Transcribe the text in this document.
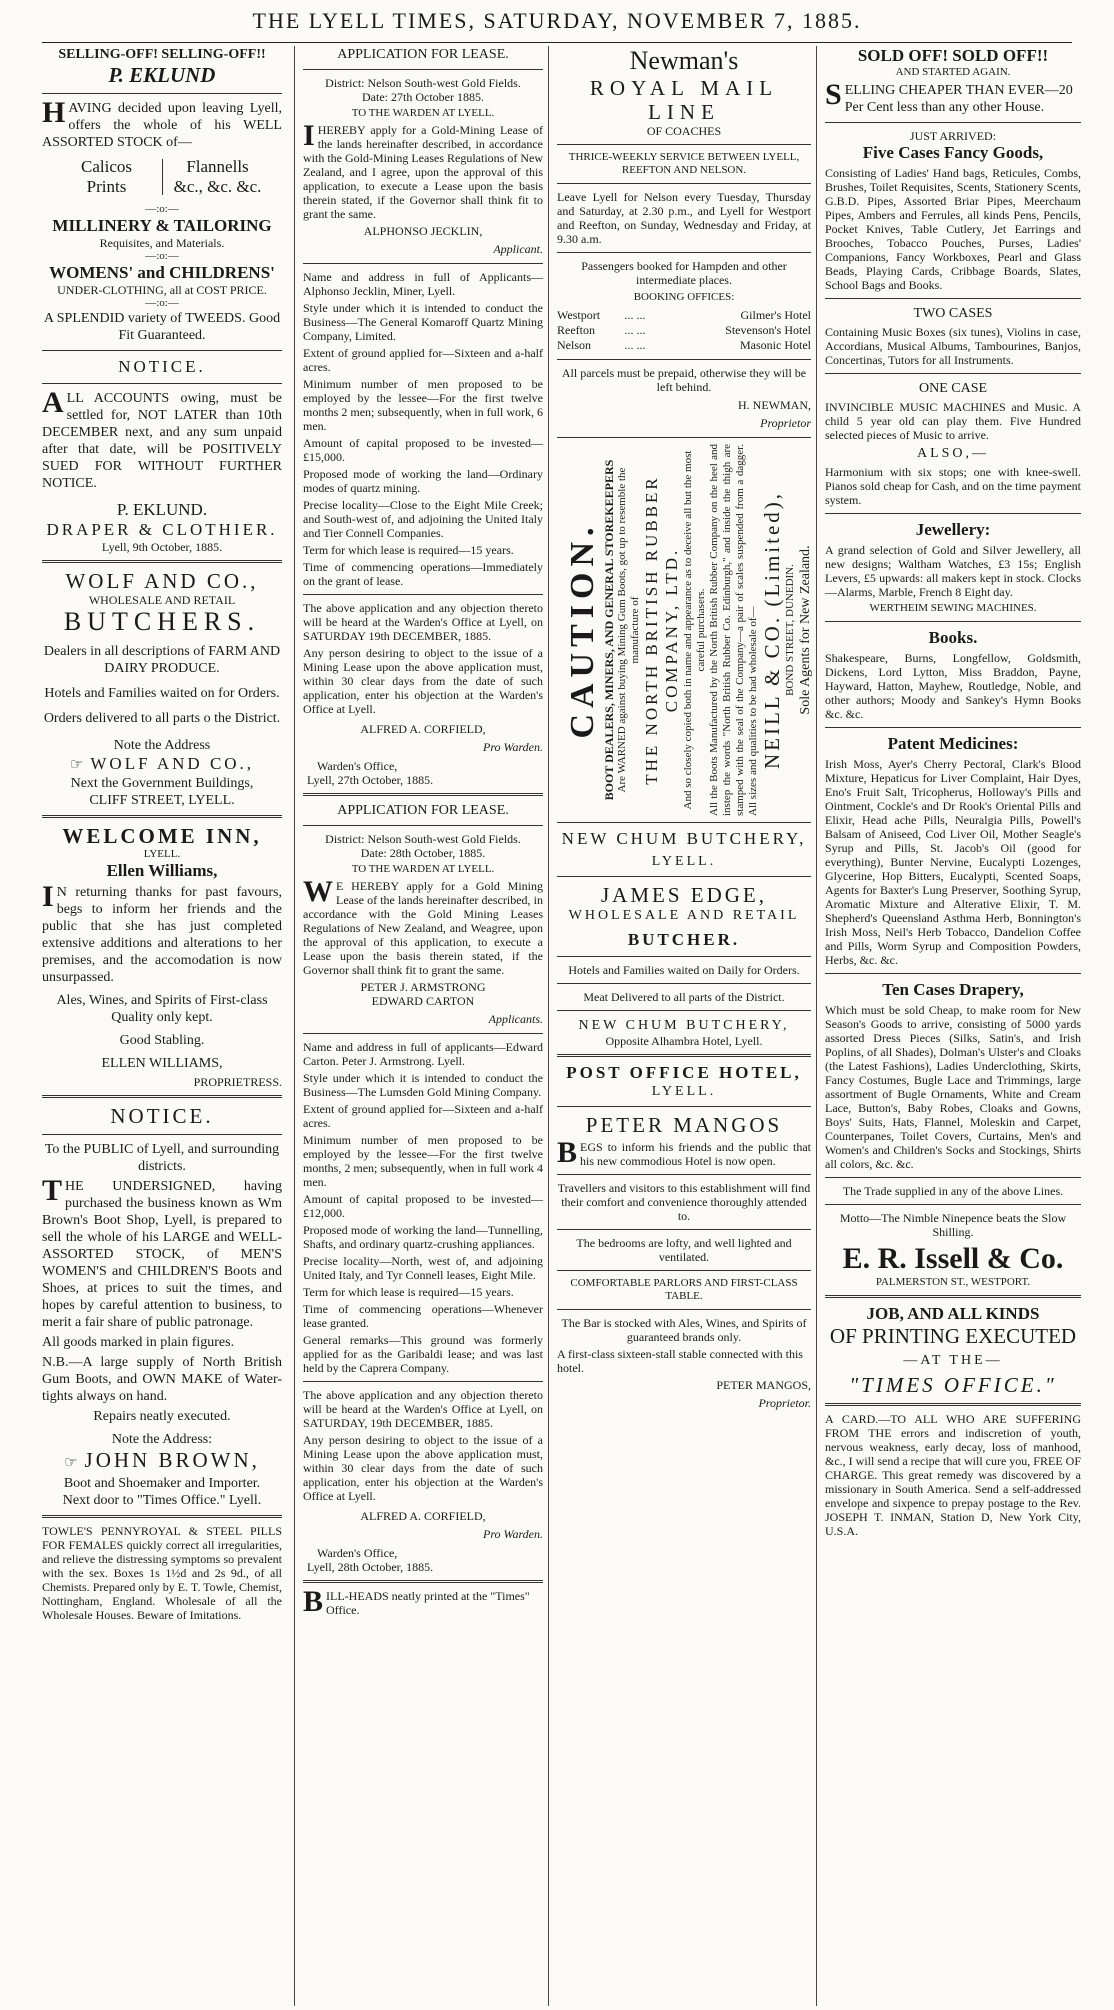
THE LYELL TIMES, SATURDAY, NOVEMBER 7, 1885.
SELLING-OFF! SELLING-OFF!!
P. EKLUND

HAVING decided upon leaving Lyell, offers the whole of his WELL ASSORTED STOCK of—

Calicos Prints
Flannells &c., &c. &c.
—:o:—
MILLINERY & TAILORING
Requisites, and Materials.
—:o:—
WOMENS' and CHILDRENS'
UNDER-CLOTHING, all at COST PRICE.
—:o:—
A SPLENDID variety of TWEEDS. Good Fit Guaranteed.
NOTICE.

ALL ACCOUNTS owing, must be settled for, NOT LATER than 10th DECEMBER next, and any sum unpaid after that date, will be POSITIVELY SUED FOR WITHOUT FURTHER NOTICE.

P. EKLUND.
DRAPER & CLOTHIER.
Lyell, 9th October, 1885.
WOLF AND CO.,
WHOLESALE AND RETAIL
BUTCHERS.
Dealers in all descriptions of FARM AND DAIRY PRODUCE.
Hotels and Families waited on for Orders.
Orders delivered to all parts o the District.
Note the Address
☞ WOLF AND CO.,
Next the Government Buildings,
CLIFF STREET, LYELL.
WELCOME INN,
LYELL.
Ellen Williams,

I N returning thanks for past favours, begs to inform her friends and the public that she has just completed extensive additions and alterations to her premises, and the accomodation is now unsurpassed.

Ales, Wines, and Spirits of First-class Quality only kept.
Good Stabling.
ELLEN WILLIAMS,
PROPRIETRESS.
NOTICE.
To the PUBLIC of Lyell, and surrounding districts.

THE UNDERSIGNED, having purchased the business known as Wm Brown's Boot Shop, Lyell, is prepared to sell the whole of his LARGE and WELL-ASSORTED STOCK, of MEN'S WOMEN'S and CHILDREN'S Boots and Shoes, at prices to suit the times, and hopes by careful attention to business, to merit a fair share of public patronage.

All goods marked in plain figures.

N.B.—A large supply of North British Gum Boots, and OWN MAKE of Water-tights always on hand.

Repairs neatly executed.

Note the Address:
☞ JOHN BROWN,
Boot and Shoemaker and Importer.
Next door to "Times Office." Lyell.

TOWLE'S PENNYROYAL & STEEL PILLS FOR FEMALES quickly correct all irregularities, and relieve the distressing symptoms so prevalent with the sex. Boxes 1s 1½d and 2s 9d., of all Chemists. Prepared only by E. T. Towle, Chemist, Nottingham, England. Wholesale of all the Wholesale Houses. Beware of Imitations.

APPLICATION FOR LEASE.
District: Nelson South-west Gold Fields.
Date: 27th October 1885.
TO THE WARDEN AT LYELL.

IHEREBY apply for a Gold-Mining Lease of the lands hereinafter described, in accordance with the Gold-Mining Leases Regulations of New Zealand, and I agree, upon the approval of this application, to execute a Lease upon the basis therein stated, if the Governor shall think fit to grant the same.

ALPHONSO JECKLIN,
Applicant.

Name and address in full of Applicants—Alphonso Jecklin, Miner, Lyell.

Style under which it is intended to conduct the Business—The General Komaroff Quartz Mining Company, Limited.

Extent of ground applied for—Sixteen and a-half acres.

Minimum number of men proposed to be employed by the lessee—For the first twelve months 2 men; subsequently, when in full work, 6 men.

Amount of capital proposed to be invested—£15,000.

Proposed mode of working the land—Ordinary modes of quartz mining.

Precise locality—Close to the Eight Mile Creek; and South-west of, and adjoining the United Italy and Tier Connell Companies.

Term for which lease is required—15 years.

Time of commencing operations—Immediately on the grant of lease.

The above application and any objection thereto will be heard at the Warden's Office at Lyell, on SATURDAY 19th DECEMBER, 1885.

Any person desiring to object to the issue of a Mining Lease upon the above application must, within 30 clear days from the date of such application, enter his objection at the Warden's Office at Lyell.

ALFRED A. CORFIELD,
Pro Warden.
Warden's Office,
Lyell, 27th October, 1885.
APPLICATION FOR LEASE.
District: Nelson South-west Gold Fields.
Date: 28th October, 1885.
TO THE WARDEN AT LYELL.

W E HEREBY apply for a Gold Mining Lease of the lands hereinafter described, in accordance with the Gold Mining Leases Regulations of New Zealand, and Weagree, upon the approval of this application, to execute a Lease upon the basis therein stated, if the Governor shall think fit to grant the same.

PETER J. ARMSTRONG
EDWARD CARTON
Applicants.

Name and address in full of applicants—Edward Carton. Peter J. Armstrong. Lyell.

Style under which it is intended to conduct the Business—The Lumsden Gold Mining Company.

Extent of ground applied for—Sixteen and a-half acres.

Minimum number of men proposed to be employed by the lessee—For the first twelve months, 2 men; subsequently, when in full work 4 men.

Amount of capital proposed to be invested—£12,000.

Proposed mode of working the land—Tunnelling, Shafts, and ordinary quartz-crushing appliances.

Precise locality—North, west of, and adjoining United Italy, and Tyr Connell leases, Eight Mile.

Term for which lease is required—15 years.

Time of commencing operations—Whenever lease granted.

General remarks—This ground was formerly applied for as the Garibaldi lease; and was last held by the Caprera Company.

The above application and any objection thereto will be heard at the Warden's Office at Lyell, on SATURDAY, 19th DECEMBER, 1885.

Any person desiring to object to the issue of a Mining Lease upon the above application must, within 30 clear days from the date of such application, enter his objection at the Warden's Office at Lyell.

ALFRED A. CORFIELD,
Pro Warden.
Warden's Office,
Lyell, 28th October, 1885.

BILL-HEADS neatly printed at the "Times" Office.

Newman's
ROYAL MAIL LINE
OF COACHES
THRICE-WEEKLY SERVICE BETWEEN LYELL, REEFTON AND NELSON.

Leave Lyell for Nelson every Tuesday, Thursday and Saturday, at 2.30 p.m., and Lyell for Westport and Reefton, on Sunday, Wednesday and Friday, at 9.30 a.m.

Passengers booked for Hampden and other intermediate places.

BOOKING OFFICES:
Westport	... ...	Gilmer's Hotel
Reefton	... ...	Stevenson's Hotel
Nelson	... ...	Masonic Hotel

All parcels must be prepaid, otherwise they will be left behind.

H. NEWMAN,
Proprietor
CAUTION. BOOT DEALERS, MINERS, AND GENERAL STOREKEEPERS Are WARNED against buying Mining Gum Boots, got up to resemble the manufacture of THE NORTH BRITISH RUBBER COMPANY, LTD. And so closely copied both in name and appearance as to deceive all but the most careful purchasers. All the Boots Manufactured by the North British Rubber Company on the heel and instep the words "North British Rubber Co. Edinburgh," and inside the thigh are stamped with the seal of the Company—a pair of scales suspended from a dagger. All sizes and qualities to be had wholesale of— NEILL & CO. (Limited), BOND STREET, DUNEDIN. Sole Agents for New Zealand.
NEW CHUM BUTCHERY,
LYELL.
JAMES EDGE,
WHOLESALE AND RETAIL
BUTCHER.

Hotels and Families waited on Daily for Orders.

Meat Delivered to all parts of the District.

NEW CHUM BUTCHERY,
Opposite Alhambra Hotel, Lyell.
POST OFFICE HOTEL,
LYELL.
PETER MANGOS

BEGS to inform his friends and the public that his new commodious Hotel is now open.

Travellers and visitors to this establishment will find their comfort and convenience thoroughly attended to.

The bedrooms are lofty, and well lighted and ventilated.

COMFORTABLE PARLORS AND FIRST-CLASS TABLE.

The Bar is stocked with Ales, Wines, and Spirits of guaranteed brands only.

A first-class sixteen-stall stable connected with this hotel.

PETER MANGOS,
Proprietor.
SOLD OFF! SOLD OFF!!
AND STARTED AGAIN.

SELLING CHEAPER THAN EVER—20 Per Cent less than any other House.

JUST ARRIVED:
Five Cases Fancy Goods,

Consisting of Ladies' Hand bags, Reticules, Combs, Brushes, Toilet Requisites, Scents, Stationery Scents, G.B.D. Pipes, Assorted Briar Pipes, Meerchaum Pipes, Ambers and Ferrules, all kinds Pens, Pencils, Pocket Knives, Table Cutlery, Jet Earrings and Brooches, Tobacco Pouches, Purses, Ladies' Companions, Fancy Workboxes, Pearl and Glass Beads, Playing Cards, Cribbage Boards, Slates, School Bags and Books.

TWO CASES

Containing Music Boxes (six tunes), Violins in case, Accordians, Musical Albums, Tambourines, Banjos, Concertinas, Tutors for all Instruments.

ONE CASE

INVINCIBLE MUSIC MACHINES and Music. A child 5 year old can play them. Five Hundred selected pieces of Music to arrive.

ALSO,—

Harmonium with six stops; one with knee-swell. Pianos sold cheap for Cash, and on the time payment system.

Jewellery:

A grand selection of Gold and Silver Jewellery, all new designs; Waltham Watches, £3 15s; English Levers, £5 upwards: all makers kept in stock. Clocks—Alarms, Marble, French 8 Eight day.

WERTHEIM SEWING MACHINES.
Books.

Shakespeare, Burns, Longfellow, Goldsmith, Dickens, Lord Lytton, Miss Braddon, Payne, Hayward, Hatton, Mayhew, Routledge, Noble, and other authors; Moody and Sankey's Hymn Books &c. &c.

Patent Medicines:

Irish Moss, Ayer's Cherry Pectoral, Clark's Blood Mixture, Hepaticus for Liver Complaint, Hair Dyes, Eno's Fruit Salt, Tricopherus, Holloway's Pills and Ointment, Cockle's and Dr Rook's Oriental Pills and Elixir, Head ache Pills, Neuralgia Pills, Powell's Balsam of Aniseed, Cod Liver Oil, Mother Seagle's Syrup and Pills, St. Jacob's Oil (good for everything), Bunter Nervine, Eucalypti Lozenges, Glycerine, Hop Bitters, Eucalypti, Scented Soaps, Agents for Baxter's Lung Preserver, Soothing Syrup, Aromatic Mixture and Alterative Elixir, T. M. Shepherd's Queensland Asthma Herb, Bonnington's Irish Moss, Neil's Herb Tobacco, Dandelion Coffee and Pills, Worm Syrup and Composition Powders, Herbs, &c. &c.

Ten Cases Drapery,

Which must be sold Cheap, to make room for New Season's Goods to arrive, consisting of 5000 yards assorted Dress Pieces (Silks, Satin's, and Irish Poplins, of all Shades), Dolman's Ulster's and Cloaks (the Latest Fashions), Ladies Underclothing, Skirts, Fancy Costumes, Bugle Lace and Trimmings, large assortment of Bugle Ornaments, White and Cream Lace, Button's, Baby Robes, Cloaks and Gowns, Boys' Suits, Hats, Flannel, Moleskin and Carpet, Counterpanes, Toilet Covers, Curtains, Men's and Women's and Children's Socks and Stockings, Shirts all colors, &c. &c.

The Trade supplied in any of the above Lines.

Motto—The Nimble Ninepence beats the Slow Shilling.

E. R. Issell & Co.
PALMERSTON ST., WESTPORT.
JOB, AND ALL KINDS
OF PRINTING EXECUTED
—AT THE—
"TIMES OFFICE."

A CARD.—TO ALL WHO ARE SUFFERING FROM THE errors and indiscretion of youth, nervous weakness, early decay, loss of manhood, &c., I will send a recipe that will cure you, FREE OF CHARGE. This great remedy was discovered by a missionary in South America. Send a self-addressed envelope and sixpence to prepay postage to the Rev. JOSEPH T. INMAN, Station D, New York City, U.S.A.
